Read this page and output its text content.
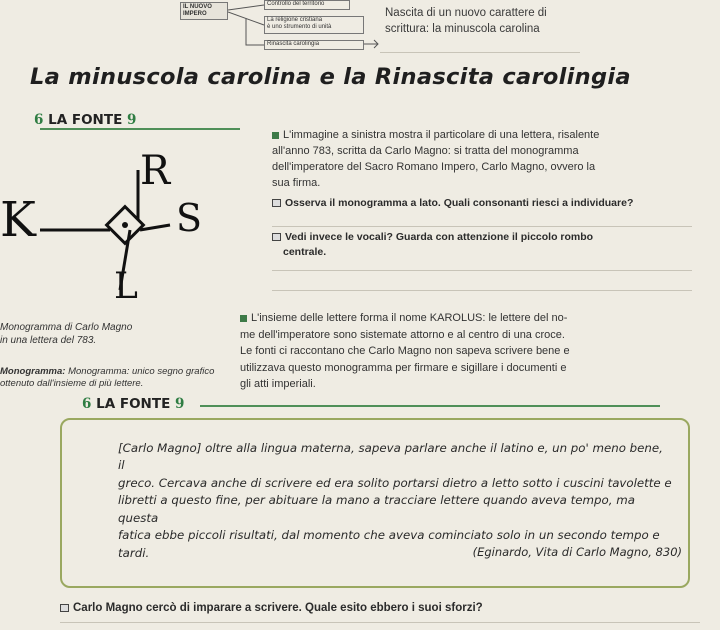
IL NUOVO IMPERO
Controllo del territorio
La religione cristiana
è uno strumento di unità
Rinascita carolingia
Nascita di un nuovo carattere di
scrittura: la minuscola carolina
La minuscola carolina e la Rinascita carolingia
6 LA FONTE 9
R
K	S
L
Monogramma di Carlo Magno
in una lettera del 783.
Monogramma: Monogramma: unico segno grafico
ottenuto dall'insieme di più lettere.
L'immagine a sinistra mostra il particolare di una lettera, risalente
all'anno 783, scritta da Carlo Magno: si tratta del monogramma
dell'imperatore del Sacro Romano Impero, Carlo Magno, ovvero la
sua firma.
Osserva il monogramma a lato. Quali consonanti riesci a individuare?
Vedi invece le vocali? Guarda con attenzione il piccolo rombo
centrale.
L'insieme delle lettere forma il nome KAROLUS: le lettere del no-
me dell'imperatore sono sistemate attorno e al centro di una croce.
Le fonti ci raccontano che Carlo Magno non sapeva scrivere bene e
utilizzava questo monogramma per firmare e sigillare i documenti e
gli atti imperiali.
6 LA FONTE 9
[Carlo Magno] oltre alla lingua materna, sapeva parlare anche il latino e, un po' meno bene, il
greco. Cercava anche di scrivere ed era solito portarsi dietro a letto sotto i cuscini tavolette e
libretti a questo fine, per abituare la mano a tracciare lettere quando aveva tempo, ma questa
fatica ebbe piccoli risultati, dal momento che aveva cominciato solo in un secondo tempo e
tardi.	(Eginardo, Vita di Carlo Magno, 830)
Carlo Magno cercò di imparare a scrivere. Quale esito ebbero i suoi sforzi?
